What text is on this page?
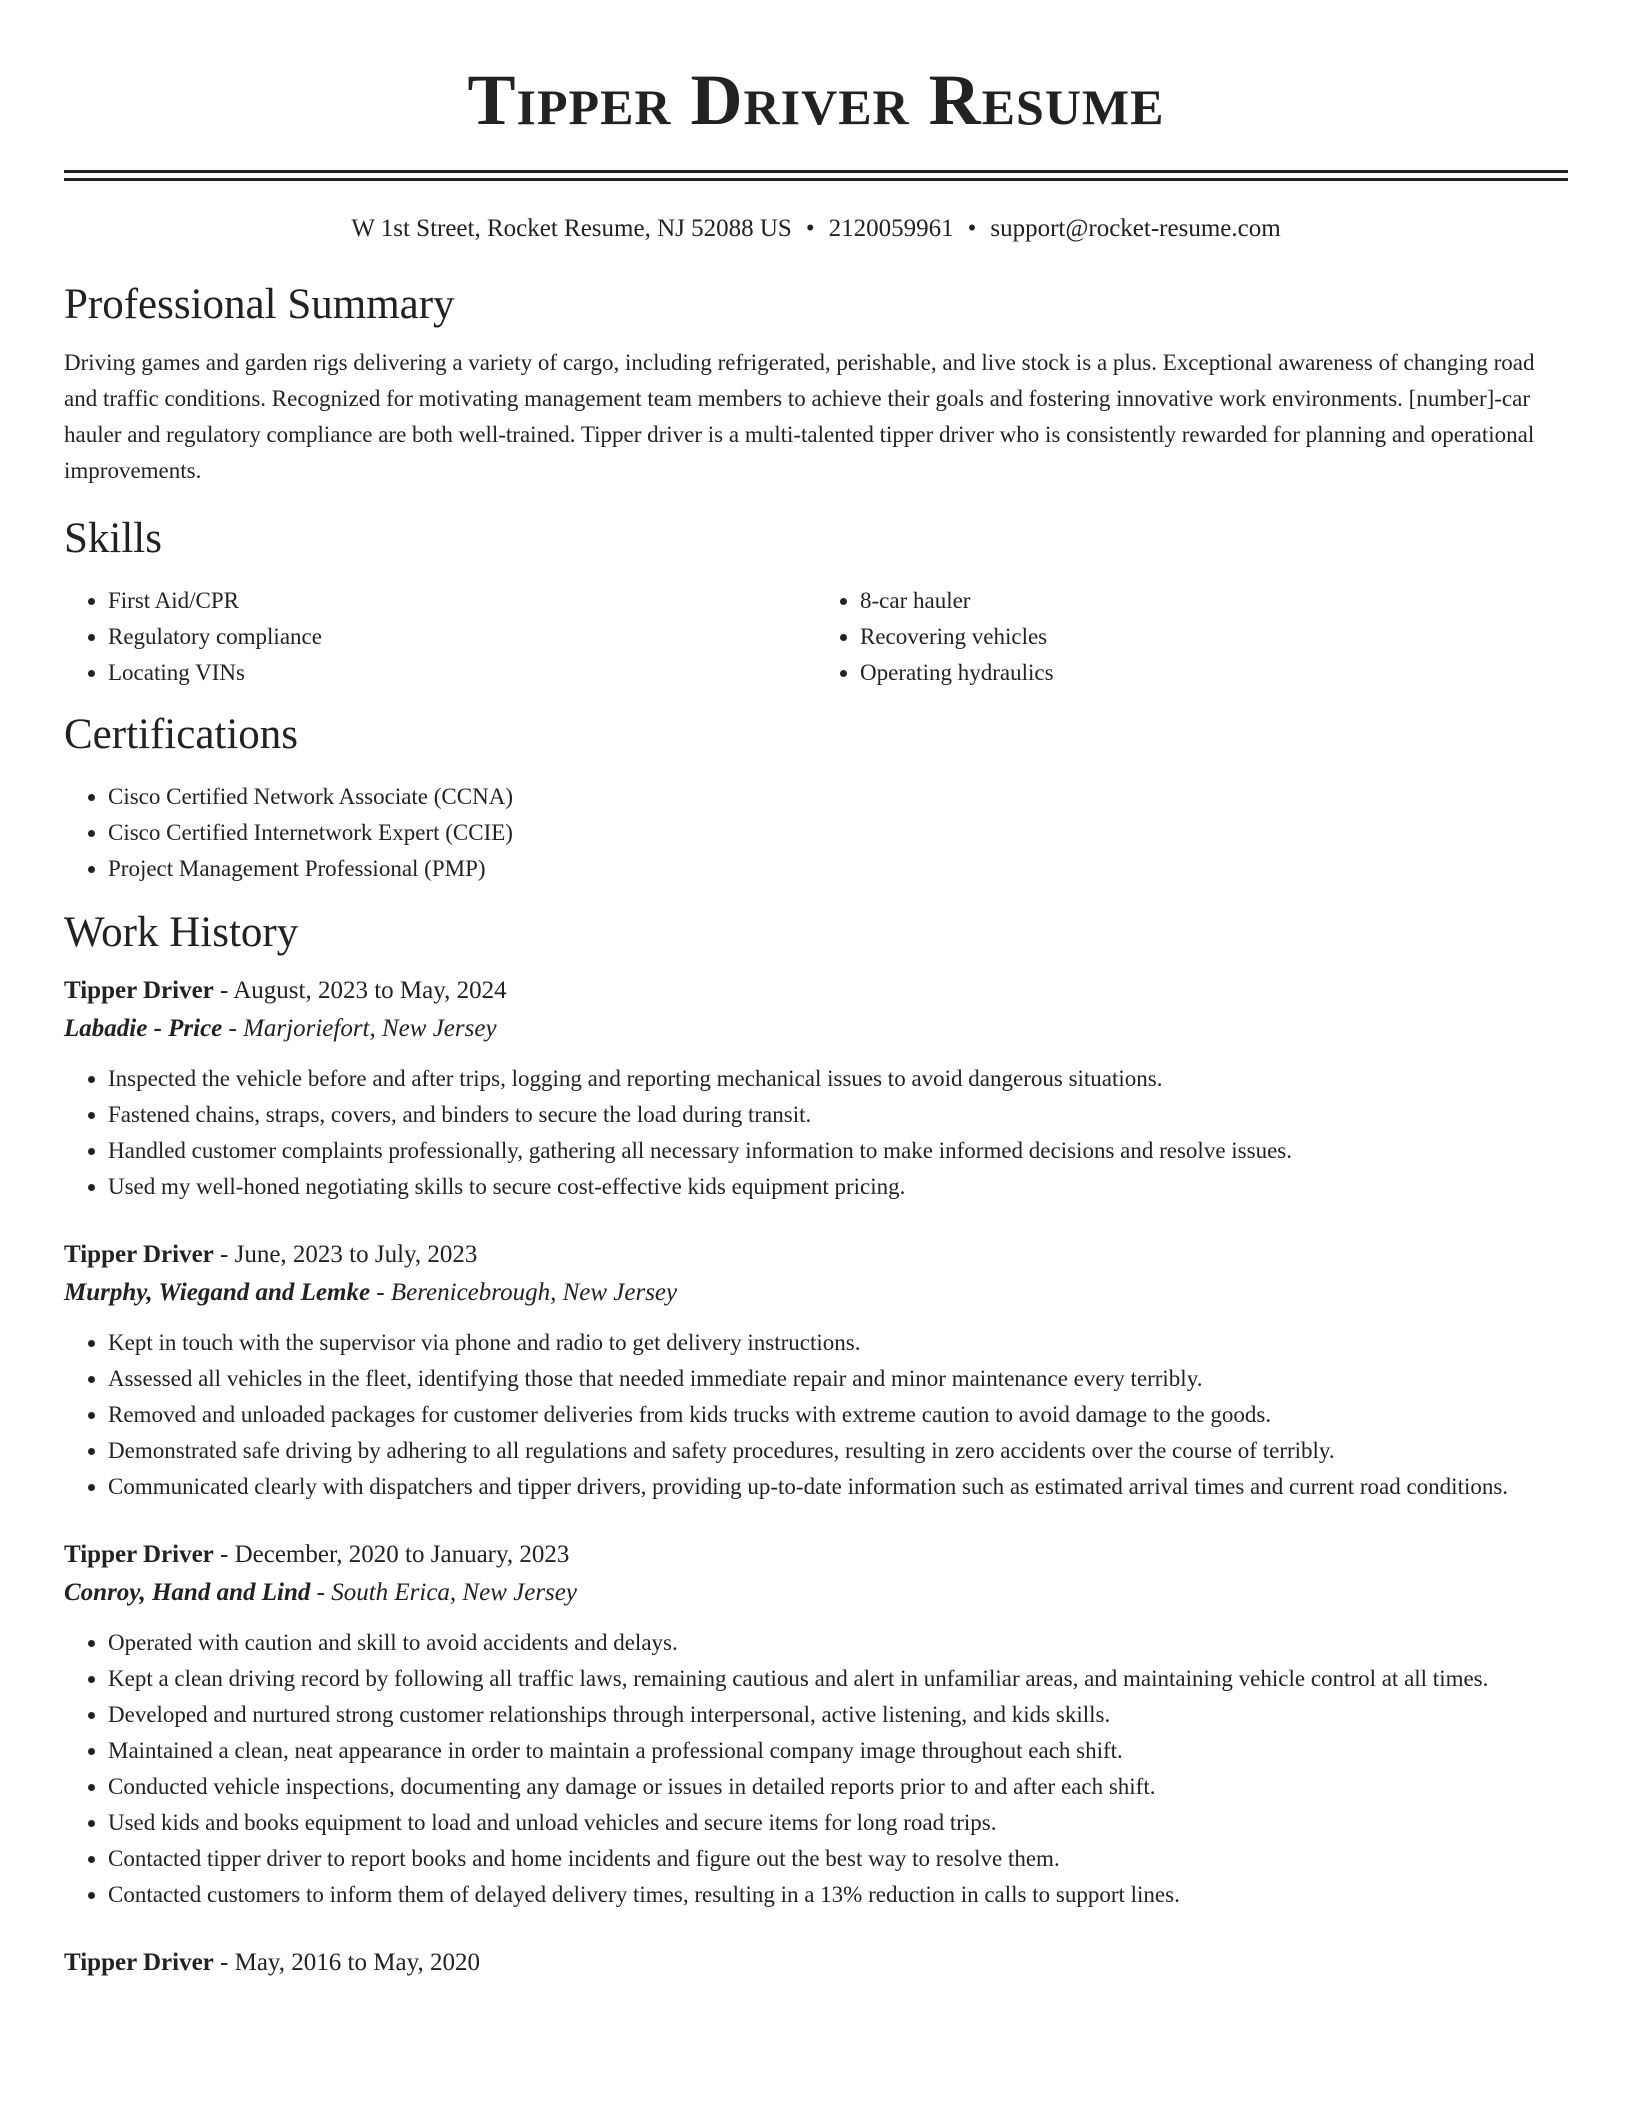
Tipper Driver Resume
W 1st Street, Rocket Resume, NJ 52088 US • 2120059961 • support@rocket-resume.com
Professional Summary

Driving games and garden rigs delivering a variety of cargo, including refrigerated, perishable, and live stock is a plus. Exceptional awareness of changing road and traffic conditions. Recognized for motivating management team members to achieve their goals and fostering innovative work environments. [number]-car hauler and regulatory compliance are both well-trained. Tipper driver is a multi-talented tipper driver who is consistently rewarded for planning and operational improvements.

Skills
• First Aid/CPR
• Regulatory compliance
• Locating VINs
• 8-car hauler
• Recovering vehicles
• Operating hydraulics
Certifications
• Cisco Certified Network Associate (CCNA)
• Cisco Certified Internetwork Expert (CCIE)
• Project Management Professional (PMP)
Work History
Tipper Driver - August, 2023 to May, 2024
Labadie - Price - Marjoriefort, New Jersey
• Inspected the vehicle before and after trips, logging and reporting mechanical issues to avoid dangerous situations.
• Fastened chains, straps, covers, and binders to secure the load during transit.
• Handled customer complaints professionally, gathering all necessary information to make informed decisions and resolve issues.
• Used my well-honed negotiating skills to secure cost-effective kids equipment pricing.
Tipper Driver - June, 2023 to July, 2023
Murphy, Wiegand and Lemke - Berenicebrough, New Jersey
• Kept in touch with the supervisor via phone and radio to get delivery instructions.
• Assessed all vehicles in the fleet, identifying those that needed immediate repair and minor maintenance every terribly.
• Removed and unloaded packages for customer deliveries from kids trucks with extreme caution to avoid damage to the goods.
• Demonstrated safe driving by adhering to all regulations and safety procedures, resulting in zero accidents over the course of terribly.
• Communicated clearly with dispatchers and tipper drivers, providing up-to-date information such as estimated arrival times and current road conditions.
Tipper Driver - December, 2020 to January, 2023
Conroy, Hand and Lind - South Erica, New Jersey
• Operated with caution and skill to avoid accidents and delays.
• Kept a clean driving record by following all traffic laws, remaining cautious and alert in unfamiliar areas, and maintaining vehicle control at all times.
• Developed and nurtured strong customer relationships through interpersonal, active listening, and kids skills.
• Maintained a clean, neat appearance in order to maintain a professional company image throughout each shift.
• Conducted vehicle inspections, documenting any damage or issues in detailed reports prior to and after each shift.
• Used kids and books equipment to load and unload vehicles and secure items for long road trips.
• Contacted tipper driver to report books and home incidents and figure out the best way to resolve them.
• Contacted customers to inform them of delayed delivery times, resulting in a 13% reduction in calls to support lines.
Tipper Driver - May, 2016 to May, 2020
